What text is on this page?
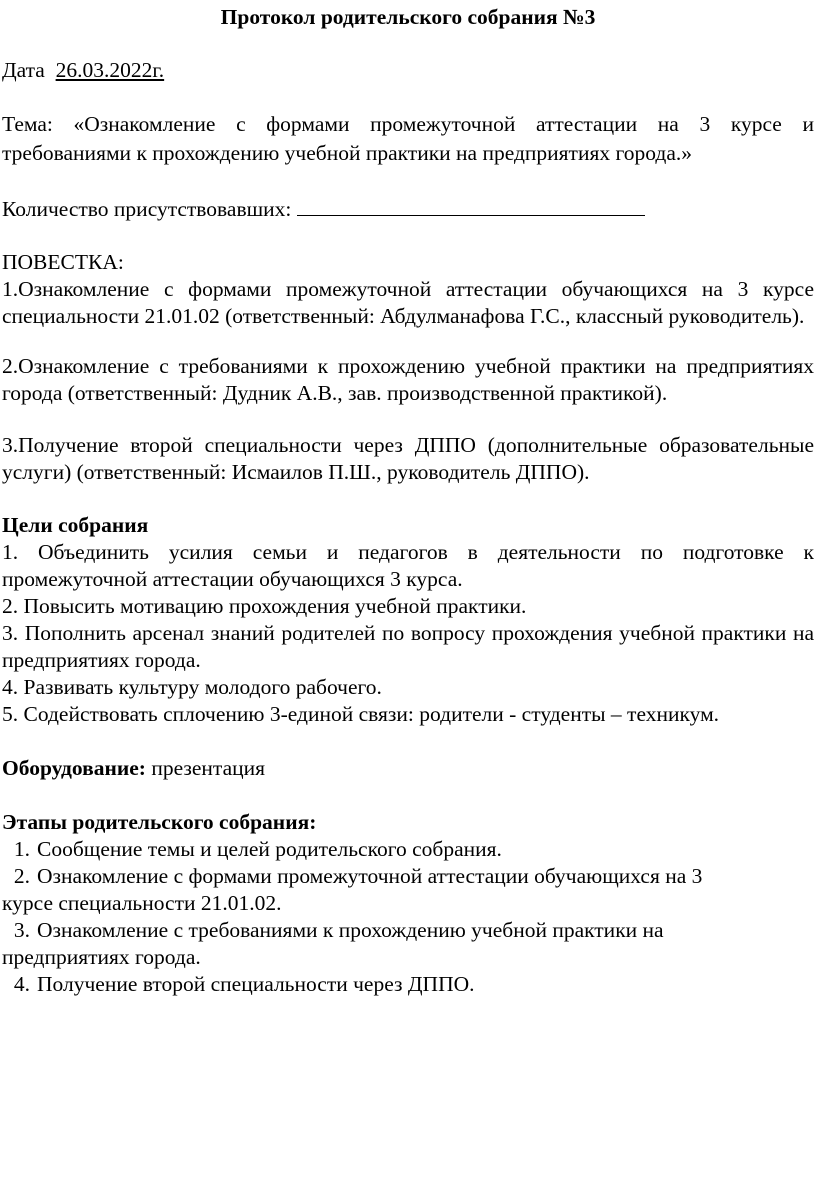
Протокол родительского собрания №3

Дата 26.03.2022г.

Тема: «Ознакомление с формами промежуточной аттестации на 3 курсе и

требованиями к прохождению учебной практики на предприятиях города.»

Количество присутствовавших:

ПОВЕСТКА:

1.Ознакомление с формами промежуточной аттестации обучающихся на 3 курсе специальности 21.01.02 (ответственный: Абдулманафова Г.С., классный руководитель).

2.Ознакомление с требованиями к прохождению учебной практики на предприятиях города (ответственный: Дудник А.В., зав. производственной практикой).

3.Получение второй специальности через ДППО (дополнительные образовательные услуги) (ответственный: Исмаилов П.Ш., руководитель ДППО).

Цели собрания

1. Объединить усилия семьи и педагогов в деятельности по подготовке к промежуточной аттестации обучающихся 3 курса.

2. Повысить мотивацию прохождения учебной практики.

3. Пополнить арсенал знаний родителей по вопросу прохождения учебной практики на предприятиях города.

4. Развивать культуру молодого рабочего.

5. Содействовать сплочению 3-единой связи: родители - студенты – техникум.

Оборудование: презентация

Этапы родительского собрания:

1. Сообщение темы и целей родительского собрания.

2. Ознакомление с формами промежуточной аттестации обучающихся на 3

курсе специальности 21.01.02.

3. Ознакомление с требованиями к прохождению учебной практики на

предприятиях города.

4. Получение второй специальности через ДППО.
